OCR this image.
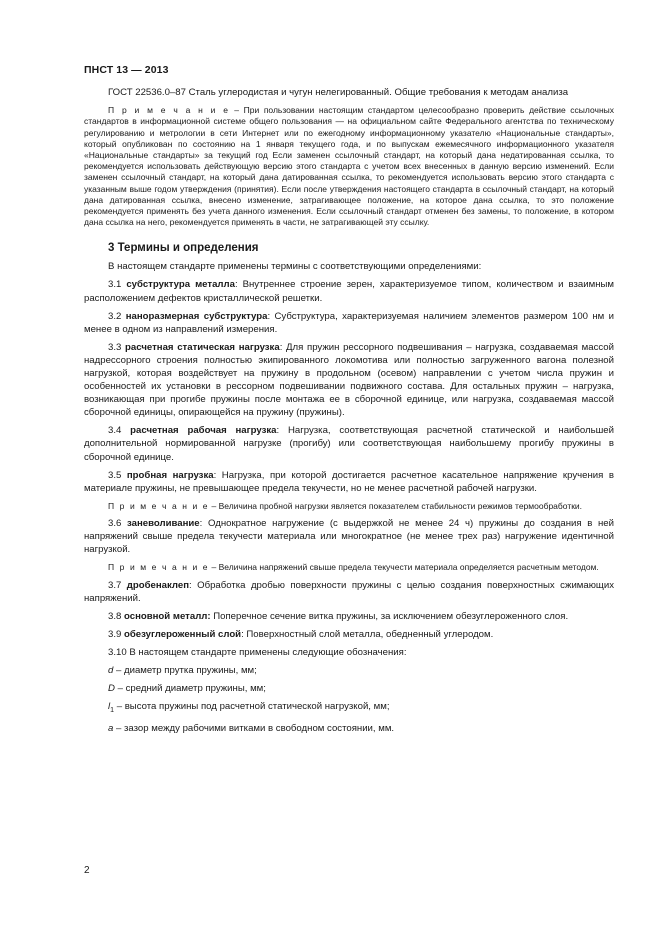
ПНСТ 13 — 2013

ГОСТ 22536.0–87 Сталь углеродистая и чугун нелегированный. Общие требования к методам анализа

П р и м е ч а н и е – При пользовании настоящим стандартом целесообразно проверить действие ссылочных стандартов в информационной системе общего пользования — на официальном сайте Федерального агентства по техническому регулированию и метрологии в сети Интернет или по ежегодному информационному указателю «Национальные стандарты», который опубликован по состоянию на 1 января текущего года, и по выпускам ежемесячного информационного указателя «Национальные стандарты» за текущий год Если заменен ссылочный стандарт, на который дана недатированная ссылка, то рекомендуется использовать действующую версию этого стандарта с учетом всех внесенных в данную версию изменений. Если заменен ссылочный стандарт, на который дана датированная ссылка, то рекомендуется использовать версию этого стандарта с указанным выше годом утверждения (принятия). Если после утверждения настоящего стандарта в ссылочный стандарт, на который дана датированная ссылка, внесено изменение, затрагивающее положение, на которое дана ссылка, то это положение рекомендуется применять без учета данного изменения. Если ссылочный стандарт отменен без замены, то положение, в котором дана ссылка на него, рекомендуется применять в части, не затрагивающей эту ссылку.

3 Термины и определения

В настоящем стандарте применены термины с соответствующими определениями:

3.1 субструктура металла: Внутреннее строение зерен, характеризуемое типом, количеством и взаимным расположением дефектов кристаллической решетки.

3.2 наноразмерная субструктура: Субструктура, характеризуемая наличием элементов размером 100 нм и менее в одном из направлений измерения.

3.3 расчетная статическая нагрузка: Для пружин рессорного подвешивания – нагрузка, создаваемая массой надрессорного строения полностью экипированного локомотива или полностью загруженного вагона полезной нагрузкой, которая воздействует на пружину в продольном (осевом) направлении с учетом числа пружин и особенностей их установки в рессорном подвешивании подвижного состава. Для остальных пружин – нагрузка, возникающая при прогибе пружины после монтажа ее в сборочной единице, или нагрузка, создаваемая массой сборочной единицы, опирающейся на пружину (пружины).

3.4 расчетная рабочая нагрузка: Нагрузка, соответствующая расчетной статической и наибольшей дополнительной нормированной нагрузке (прогибу) или соответствующая наибольшему прогибу пружины в сборочной единице.

3.5 пробная нагрузка: Нагрузка, при которой достигается расчетное касательное напряжение кручения в материале пружины, не превышающее предела текучести, но не менее расчетной рабочей нагрузки.

П р и м е ч а н и е – Величина пробной нагрузки является показателем стабильности режимов термообработки.

3.6 заневоливание: Однократное нагружение (с выдержкой не менее 24 ч) пружины до создания в ней напряжений свыше предела текучести материала или многократное (не менее трех раз) нагружение идентичной нагрузкой.

П р и м е ч а н и е – Величина напряжений свыше предела текучести материала определяется расчетным методом.

3.7 дробенаклеп: Обработка дробью поверхности пружины с целью создания поверхностных сжимающих напряжений.

3.8 основной металл: Поперечное сечение витка пружины, за исключением обезуглероженного слоя.

3.9 обезуглероженный слой: Поверхностный слой металла, обедненный углеродом.

3.10 В настоящем стандарте применены следующие обозначения:

d – диаметр прутка пружины, мм;

D – средний диаметр пружины, мм;

$l_1$ – высота пружины под расчетной статической нагрузкой, мм;

a – зазор между рабочими витками в свободном состоянии, мм.

2
